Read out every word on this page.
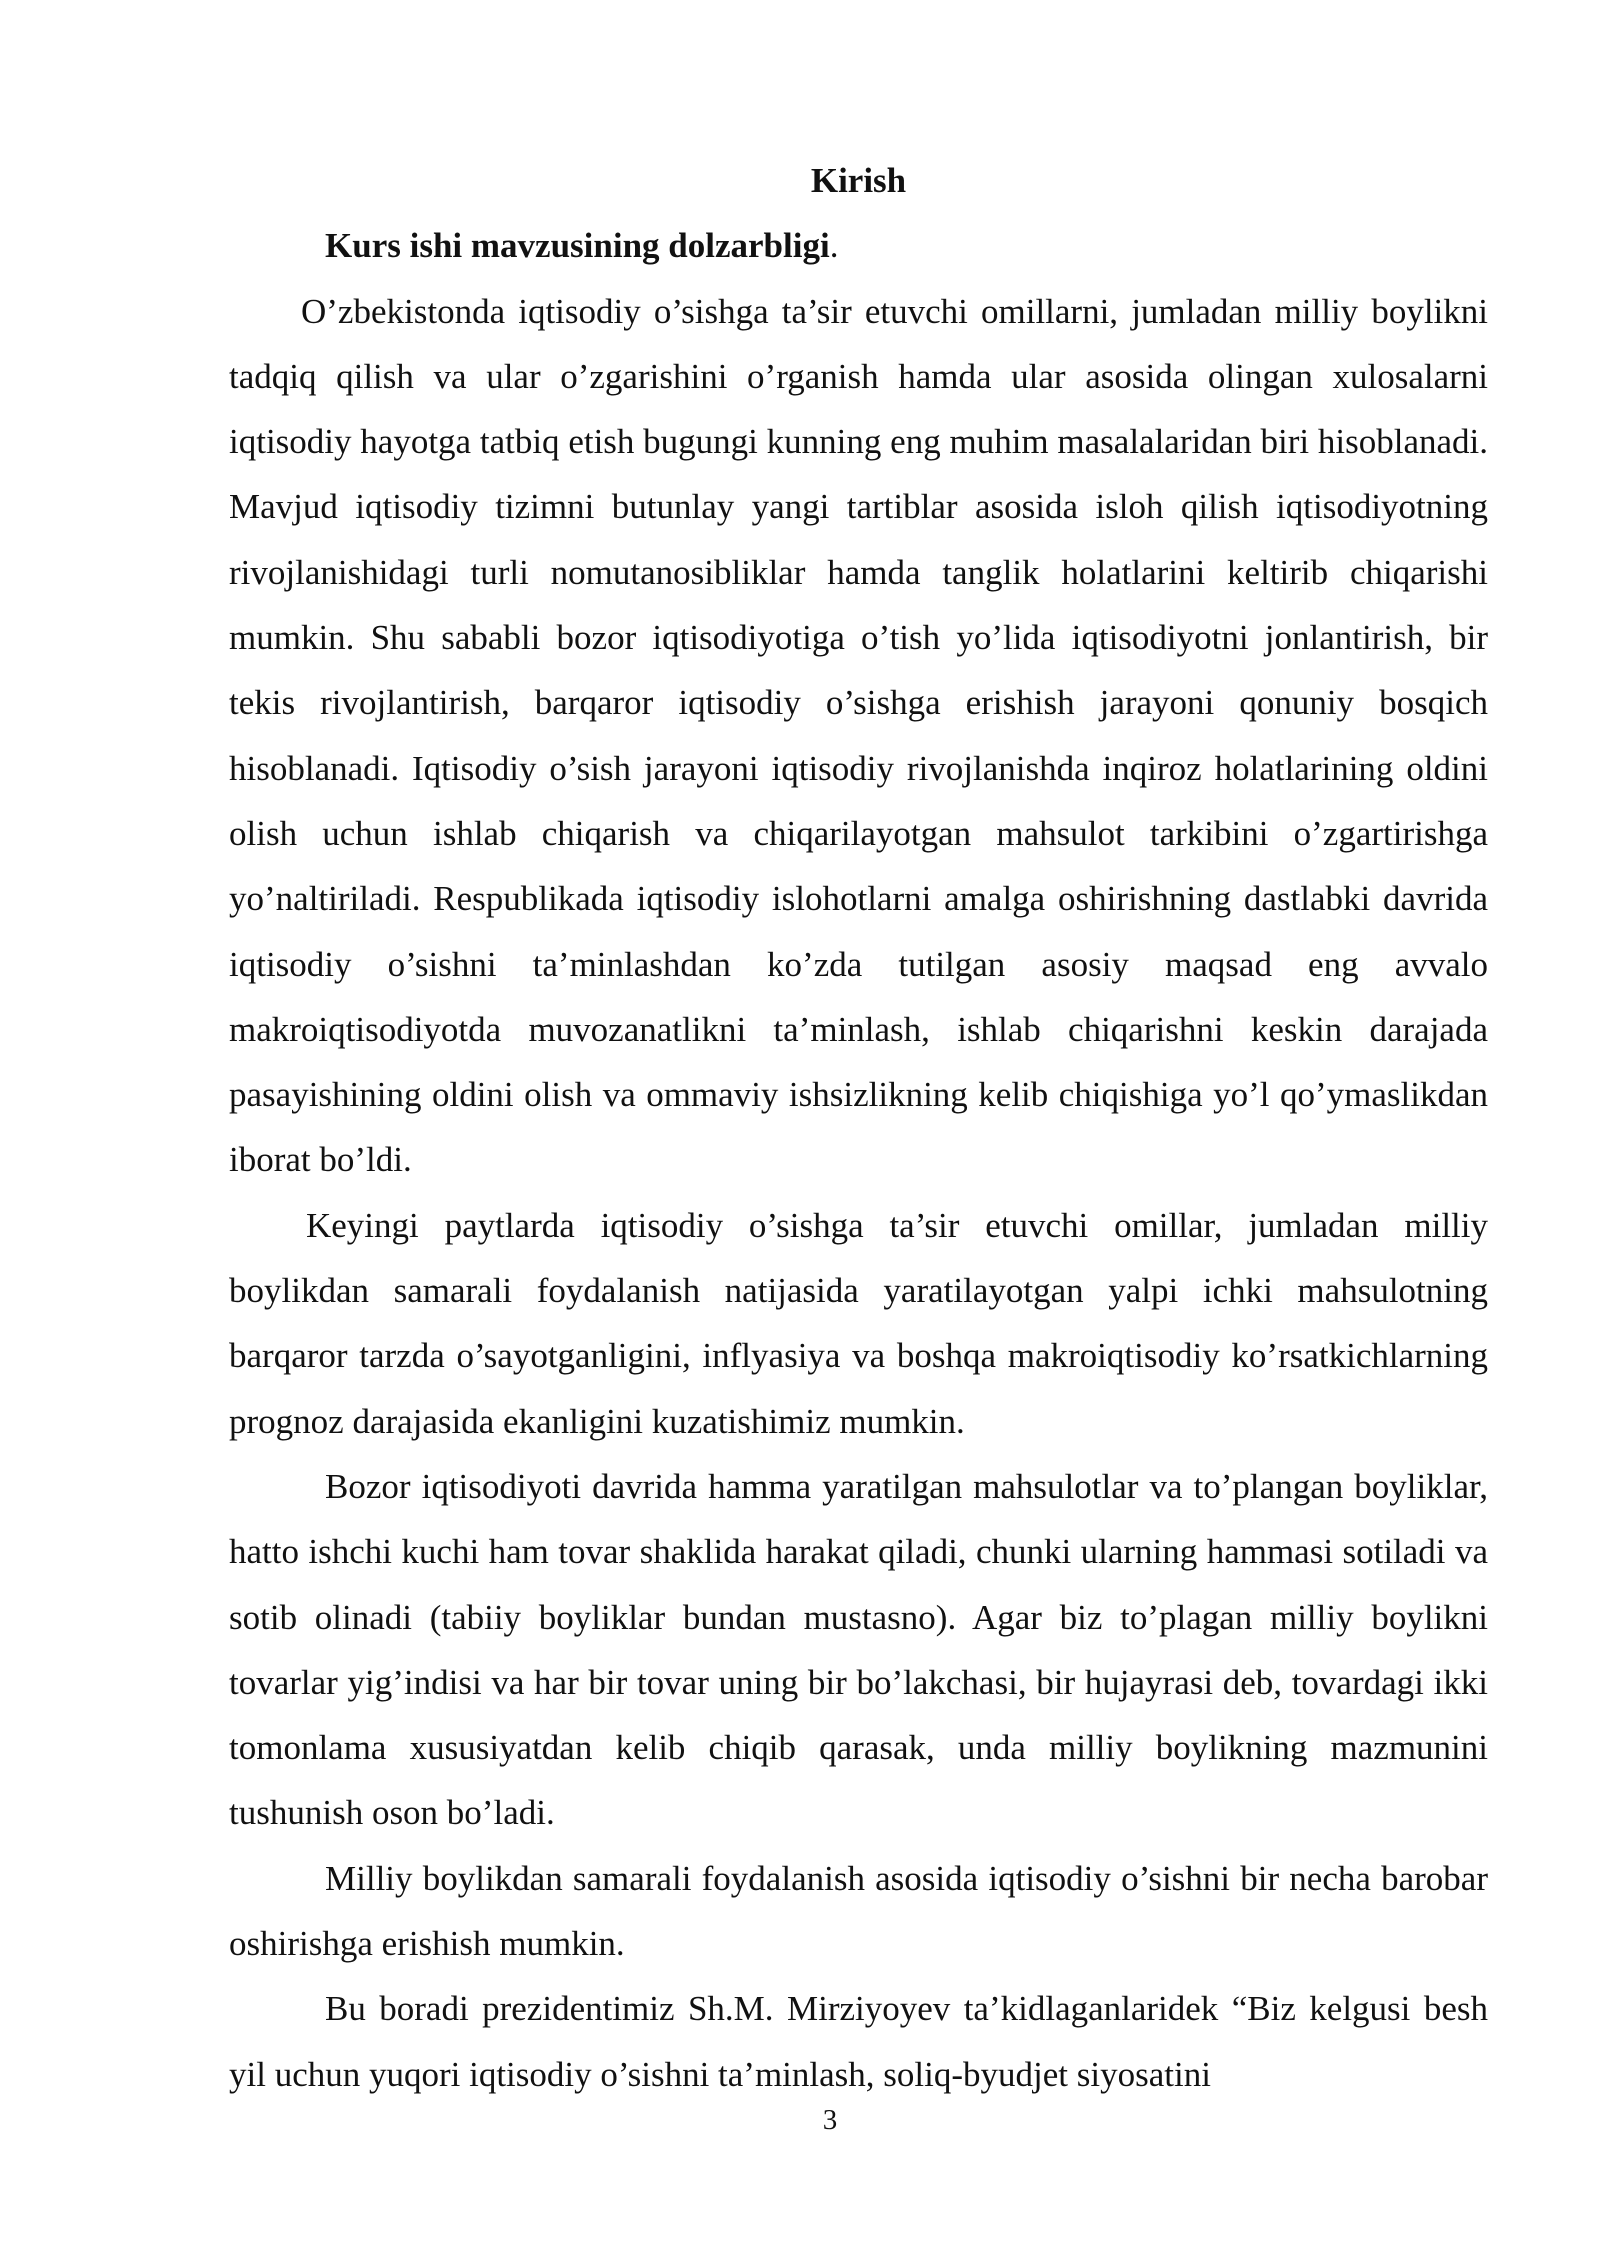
Kirish
Kurs ishi mavzusining dolzarbligi.

O’zbekistonda iqtisodiy o’sishga ta’sir etuvchi omillarni, jumladan milliy boylikni tadqiq qilish va ular o’zgarishini o’rganish hamda ular asosida olingan xulosalarni iqtisodiy hayotga tatbiq etish bugungi kunning eng muhim masalalaridan biri hisoblanadi. Mavjud iqtisodiy tizimni butunlay yangi tartiblar asosida isloh qilish iqtisodiyotning rivojlanishidagi turli nomutanosibliklar hamda tanglik holatlarini keltirib chiqarishi mumkin. Shu sababli bozor iqtisodiyotiga o’tish yo’lida iqtisodiyotni jonlantirish, bir tekis rivojlantirish, barqaror iqtisodiy o’sishga erishish jarayoni qonuniy bosqich hisoblanadi. Iqtisodiy o’sish jarayoni iqtisodiy rivojlanishda inqiroz holatlarining oldini olish uchun ishlab chiqarish va chiqarilayotgan mahsulot tarkibini o’zgartirishga yo’naltiriladi. Respublikada iqtisodiy islohotlarni amalga oshirishning dastlabki davrida iqtisodiy o’sishni ta’minlashdan ko’zda tutilgan asosiy maqsad eng avvalo makroiqtisodiyotda muvozanatlikni ta’minlash, ishlab chiqarishni keskin darajada pasayishining oldini olish va ommaviy ishsizlikning kelib chiqishiga yo’l qo’ymaslikdan iborat bo’ldi.

Keyingi paytlarda iqtisodiy o’sishga ta’sir etuvchi omillar, jumladan milliy boylikdan samarali foydalanish natijasida yaratilayotgan yalpi ichki mahsulotning barqaror tarzda o’sayotganligini, inflyasiya va boshqa makroiqtisodiy ko’rsatkichlarning prognoz darajasida ekanligini kuzatishimiz mumkin.

Bozor iqtisodiyoti davrida hamma yaratilgan mahsulotlar va to’plangan boyliklar, hatto ishchi kuchi ham tovar shaklida harakat qiladi, chunki ularning hammasi sotiladi va sotib olinadi (tabiiy boyliklar bundan mustasno). Agar biz to’plagan milliy boylikni tovarlar yig’indisi va har bir tovar uning bir bo’lakchasi, bir hujayrasi deb, tovardagi ikki tomonlama xususiyatdan kelib chiqib qarasak, unda milliy boylikning mazmunini tushunish oson bo’ladi.

Milliy boylikdan samarali foydalanish asosida iqtisodiy o’sishni bir necha barobar oshirishga erishish mumkin.

Bu boradi prezidentimiz Sh.M. Mirziyoyev ta’kidlaganlaridek “Biz kelgusi besh yil uchun yuqori iqtisodiy o’sishni ta’minlash, soliq-byudjet siyosatini

3
